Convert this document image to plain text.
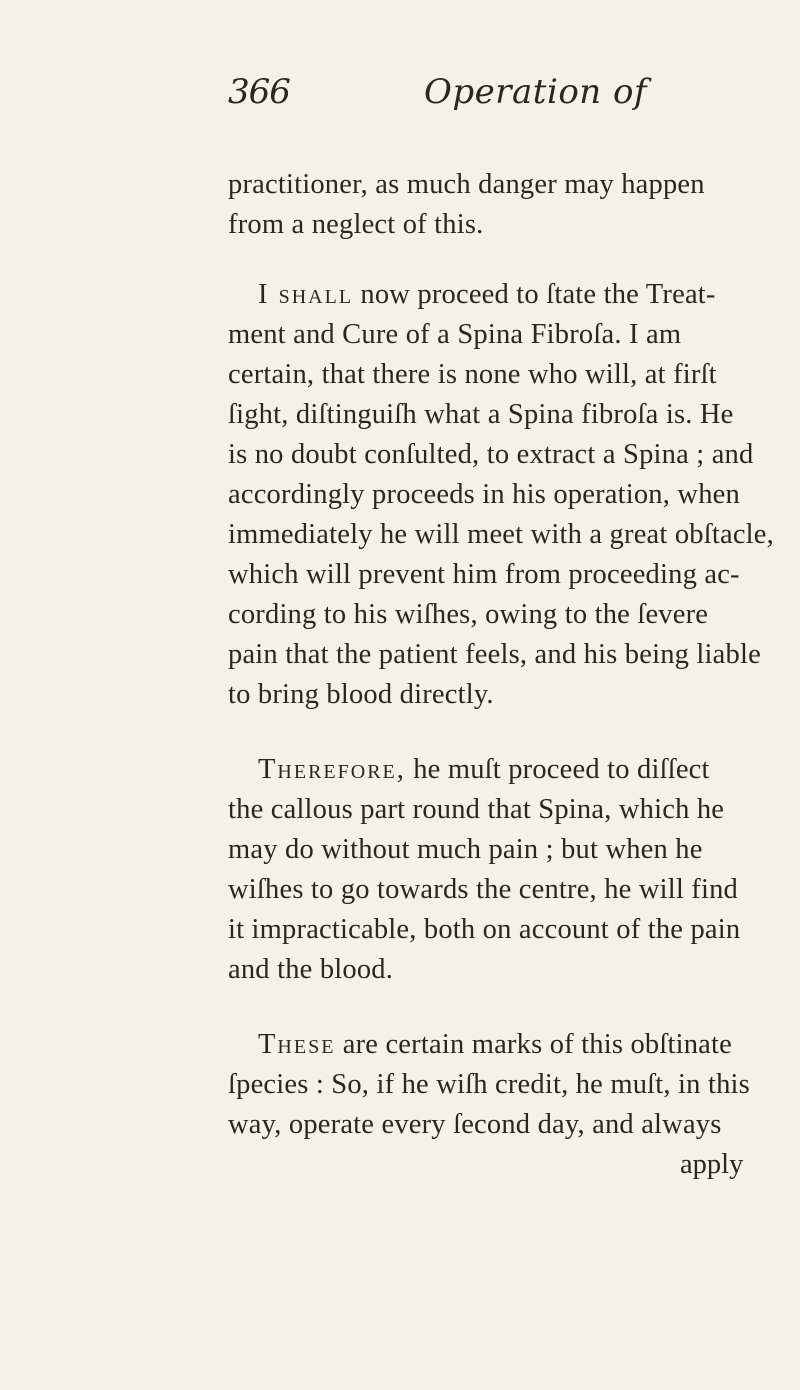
366	Operation of
practitioner, as much danger may happen
from a neglect of this.
I shall now proceed to ſtate the Treat-
ment and Cure of a Spina Fibroſa. I am
certain, that there is none who will, at firſt
ſight, diſtinguiſh what a Spina fibroſa is. He
is no doubt conſulted, to extract a Spina ; and
accordingly proceeds in his operation, when
immediately he will meet with a great obſtacle,
which will prevent him from proceeding ac-
cording to his wiſhes, owing to the ſevere
pain that the patient feels, and his being liable
to bring blood directly.
Therefore, he muſt proceed to diſſect
the callous part round that Spina, which he
may do without much pain ; but when he
wiſhes to go towards the centre, he will find
it impracticable, both on account of the pain
and the blood.
These are certain marks of this obſtinate
ſpecies : So, if he wiſh credit, he muſt, in this
way, operate every ſecond day, and always
apply
